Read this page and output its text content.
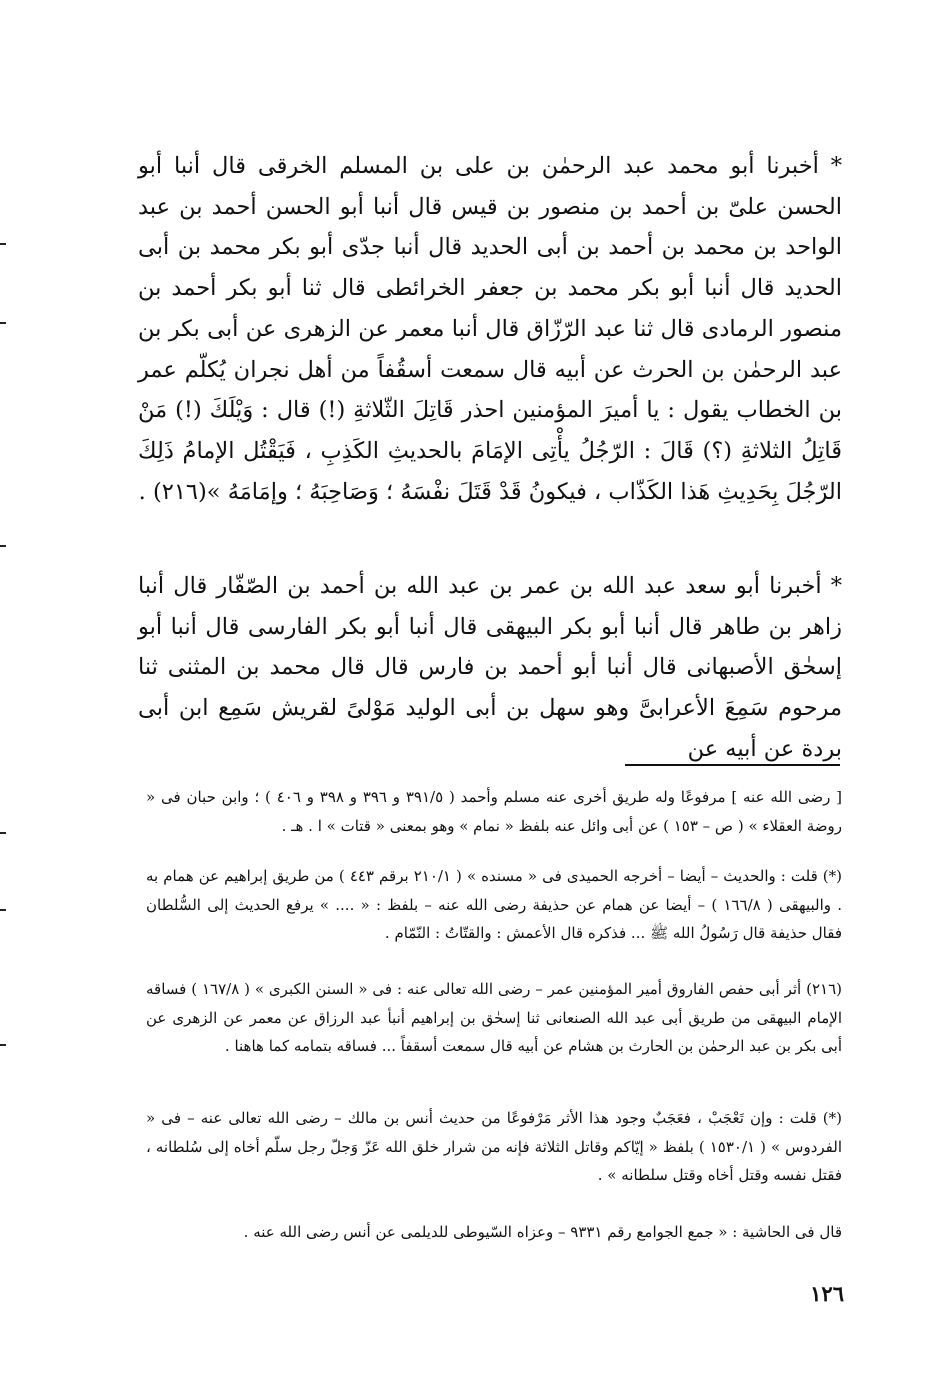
* أخبرنا أبو محمد عبد الرحمٰن بن على بن المسلم الخرقى قال أنبا أبو الحسن علىّ بن أحمد بن منصور بن قيس قال أنبا أبو الحسن أحمد بن عبد الواحد بن محمد بن أحمد بن أبى الحديد قال أنبا جدّى أبو بكر محمد بن أبى الحديد قال أنبا أبو بكر محمد بن جعفر الخرائطى قال ثنا أبو بكر أحمد بن منصور الرمادى قال ثنا عبد الرّزّاق قال أنبا معمر عن الزهرى عن أبى بكر بن عبد الرحمٰن بن الحرث عن أبيه قال سمعت أسقُفاً من أهل نجران يُكلّم عمر بن الخطاب يقول : يا أميرَ المؤمنين احذر قَاتِلَ الثّلاثةِ (!) قال : وَيْلَكَ (!) مَنْ قَاتِلُ الثلاثةِ (؟) قَالَ : الرّجُلُ يأْتِى الإمَامَ بالحديثِ الكَذِبِ ، فَيَقْتُل الإمامُ ذَلِكَ الرّجُلَ بِحَدِيثِ هَذا الكَذّاب ، فيكونُ قَدْ قَتَلَ نفْسَهُ ؛ وَصَاحِبَهُ ؛ وإمَامَهُ »(٢١٦) .

* أخبرنا أبو سعد عبد الله بن عمر بن عبد الله بن أحمد بن الصّفّار قال أنبا زاهر بن طاهر قال أنبا أبو بكر البيهقى قال أنبا أبو بكر الفارسى قال أنبا أبو إسحٰق الأصبهانى قال أنبا أبو أحمد بن فارس قال قال محمد بن المثنى ثنا مرحوم سَمِعَ الأعرابىَّ وهو سهل بن أبى الوليد مَوْلىً لقريش سَمِع ابن أبى بردة عن أبيه عن

[ رضى الله عنه ] مرفوعًا وله طريق أخرى عنه مسلم وأحمد ( ٣٩١/٥ و ٣٩٦ و ٣٩٨ و ٤٠٦ ) ؛ وابن حبان فى « روضة العقلاء » ( ص – ١٥٣ ) عن أبى وائل عنه بلفظ « نمام » وهو بمعنى « قتات » ا . هـ .

(*) قلت : والحديث – أيضا – أخرجه الحميدى فى « مسنده » ( ٢١٠/١ برقم ٤٤٣ ) من طريق إبراهيم عن همام به . والبيهقى ( ١٦٦/٨ ) – أيضا عن همام عن حذيفة رضى الله عنه – بلفظ : « .... » يرفع الحديث إلى السُّلطان فقال حذيفة قال رَسُولُ الله ﷺ ... فذكره قال الأعمش : والقتّاتُ : النّمّام .

(٢١٦) أثر أبى حفص الفاروق أمير المؤمنين عمر – رضى الله تعالى عنه : فى « السنن الكبرى » ( ١٦٧/٨ ) فساقه الإمام البيهقى من طريق أبى عبد الله الصنعانى ثنا إسحٰق بن إبراهيم أنبأ عبد الرزاق عن معمر عن الزهرى عن أبى بكر بن عبد الرحمٰن بن الحارث بن هشام عن أبيه قال سمعت أسقفاً ... فساقه بتمامه كما هاهنا .

(*) قلت : وإن تَعْجَبْ ، فعَجَبٌ وجود هذا الأثر مَرْفوعًا من حديث أنس بن مالك – رضى الله تعالى عنه – فى « الفردوس » ( ١٥٣٠/١ ) بلفظ « إيّاكم وقاتل الثلاثة فإنه من شرار خلق الله عَزّ وَجلّ رجل سلّم أخاه إلى سُلطانه ، فقتل نفسه وقتل أخاه وقتل سلطانه » .

قال فى الحاشية : « جمع الجوامع رقم ٩٣٣١ – وعزاه السّيوطى للديلمى عن أنس رضى الله عنه .

١٢٦
